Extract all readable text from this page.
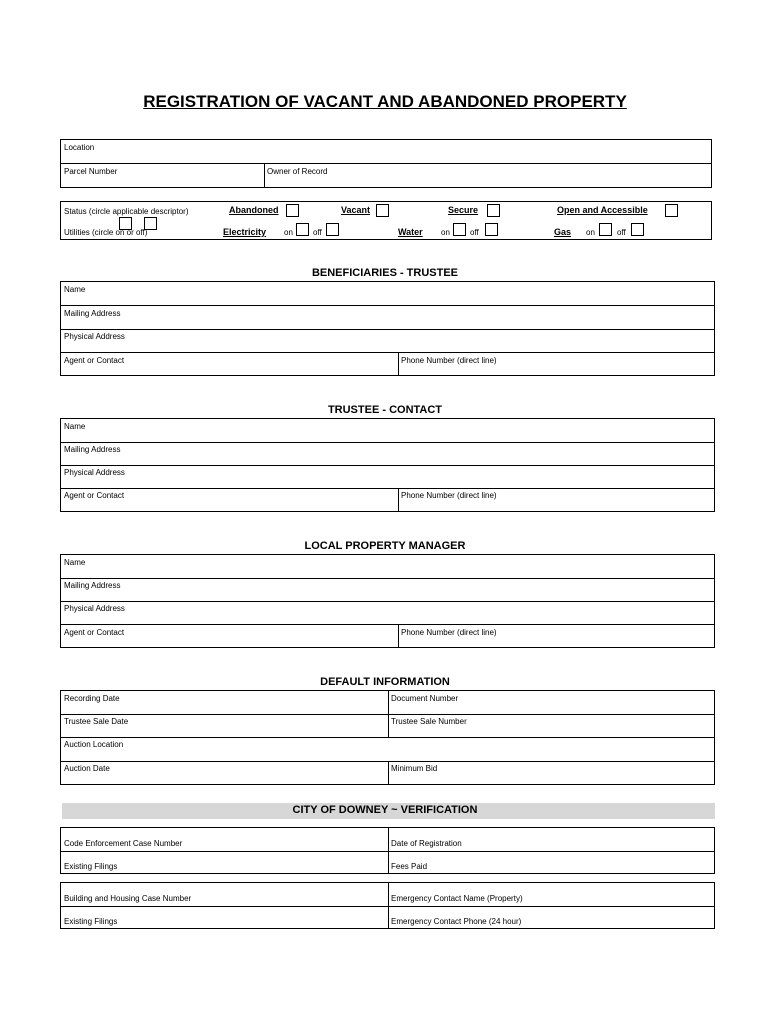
REGISTRATION OF VACANT AND ABANDONED PROPERTY
Location
Parcel Number	Owner of Record
Status (circle applicable descriptor)	Abandoned	Vacant	Secure	Open and Accessible
Utilities (circle on or off)	Electricity on	off	Water on	off	Gas on	off
BENEFICIARIES - TRUSTEE
Name
Mailing Address
Physical Address
Agent or Contact	Phone Number (direct line)
TRUSTEE - CONTACT
Name
Mailing Address
Physical Address
Agent or Contact	Phone Number (direct line)
LOCAL PROPERTY MANAGER
Name
Mailing Address
Physical Address
Agent or Contact	Phone Number (direct line)
DEFAULT INFORMATION
Recording Date	Document Number
Trustee Sale Date	Trustee Sale Number
Auction Location
Auction Date	Minimum Bid
CITY OF DOWNEY ~ VERIFICATION
Code Enforcement Case Number	Date of Registration
Existing Filings	Fees Paid
Building and Housing Case Number	Emergency Contact Name (Property)
Existing Filings	Emergency Contact Phone (24 hour)
